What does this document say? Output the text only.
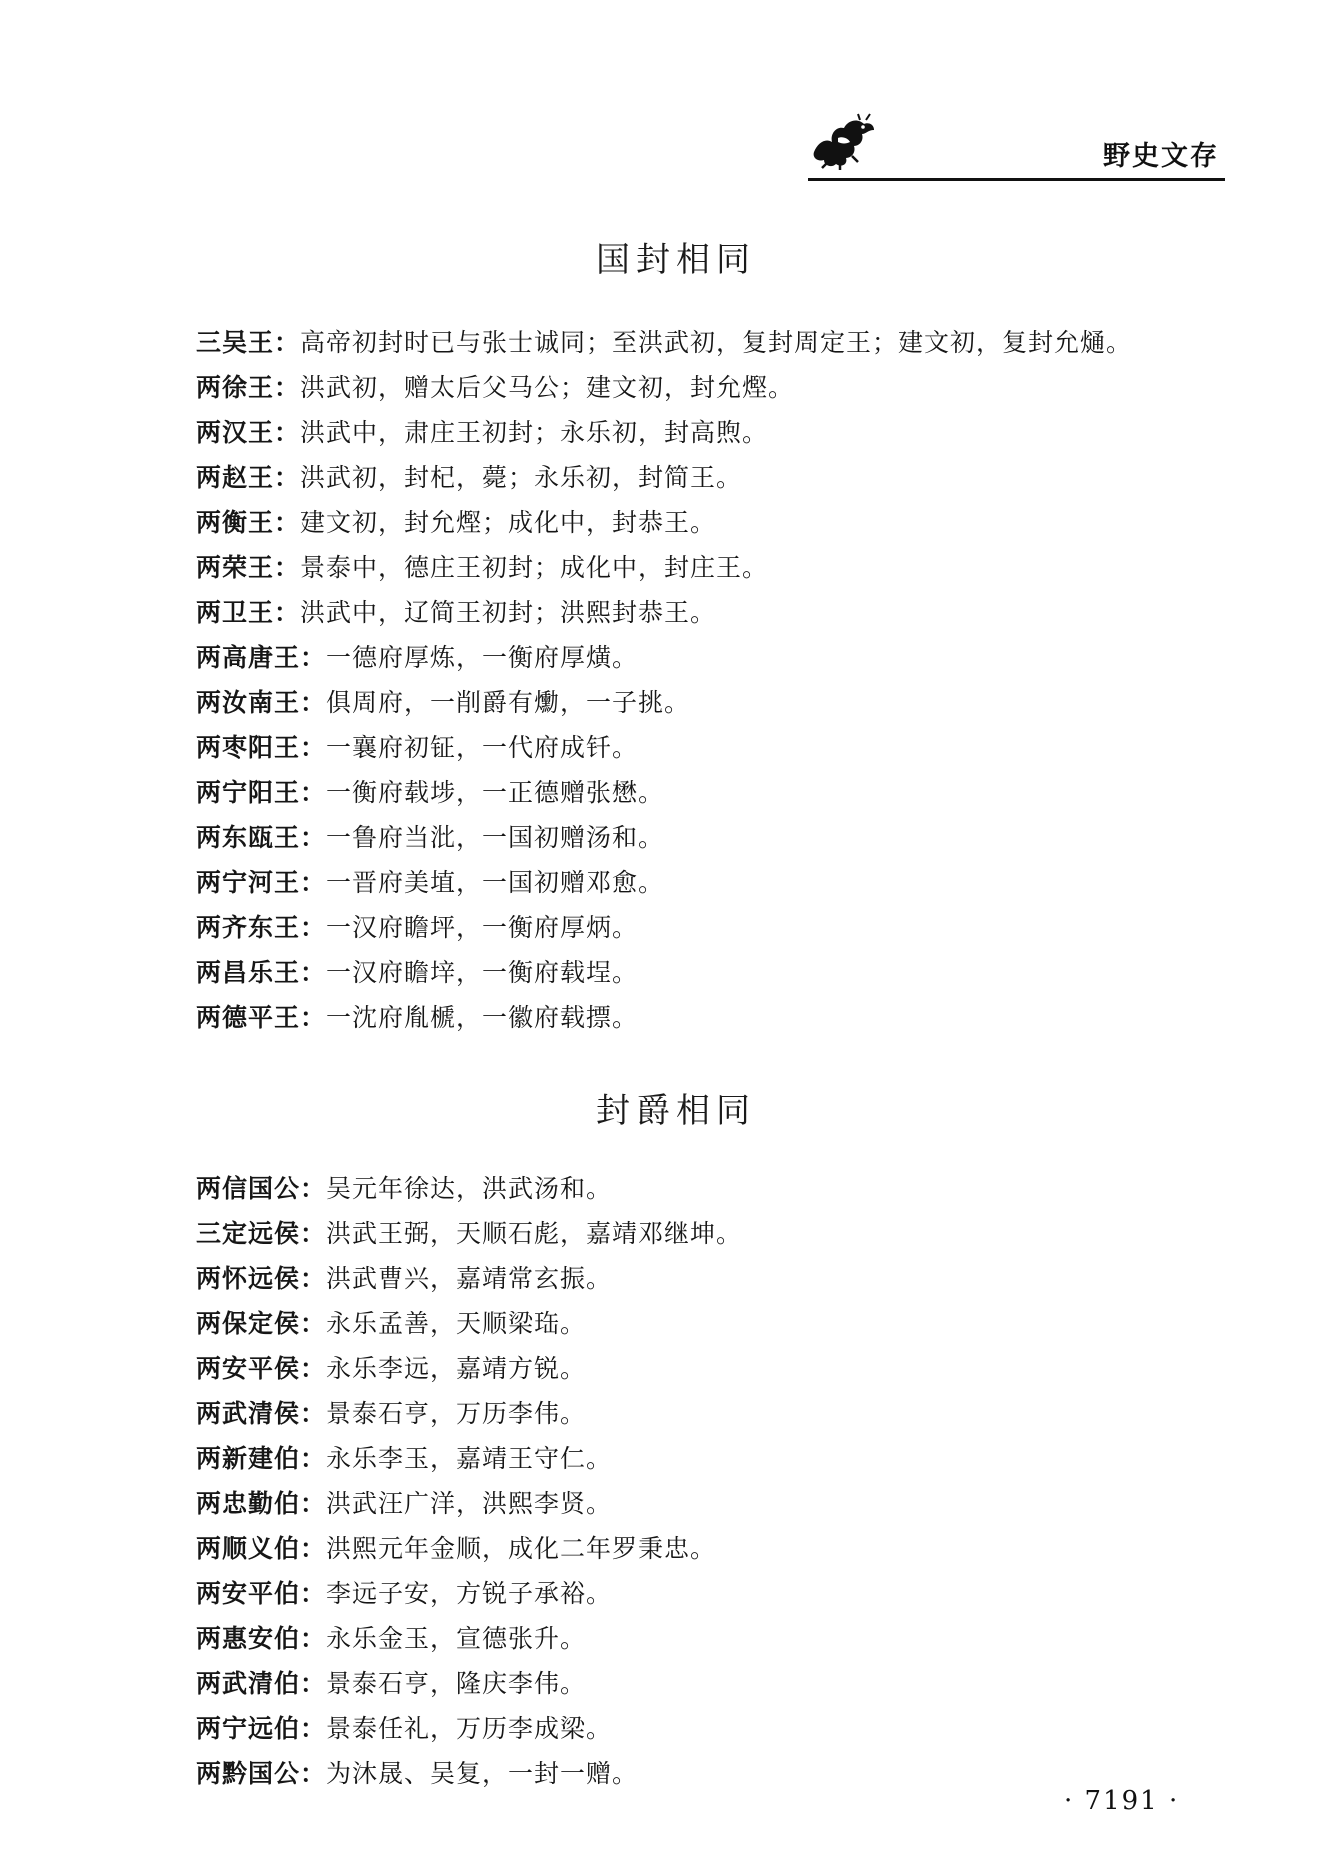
野史文存
国封相同
三吴王：高帝初封时已与张士诚同；至洪武初，复封周定王；建文初，复封允熥。
两徐王：洪武初，赠太后父马公；建文初，封允熞。
两汉王：洪武中，肃庄王初封；永乐初，封高煦。
两赵王：洪武初，封杞，薨；永乐初，封简王。
两衡王：建文初，封允熞；成化中，封恭王。
两荣王：景泰中，德庄王初封；成化中，封庄王。
两卫王：洪武中，辽简王初封；洪熙封恭王。
两高唐王：一德府厚炼，一衡府厚熿。
两汝南王：俱周府，一削爵有爋，一子挑。
两枣阳王：一襄府初钲，一代府成钎。
两宁阳王：一衡府载埗，一正德赠张懋。
两东瓯王：一鲁府当沘，一国初赠汤和。
两宁河王：一晋府美埴，一国初赠邓愈。
两齐东王：一汉府瞻坪，一衡府厚炳。
两昌乐王：一汉府瞻垶，一衡府载埕。
两德平王：一沈府胤榹，一徽府载摽。
封爵相同
两信国公：吴元年徐达，洪武汤和。
三定远侯：洪武王弼，天顺石彪，嘉靖邓继坤。
两怀远侯：洪武曹兴，嘉靖常玄振。
两保定侯：永乐孟善，天顺梁珤。
两安平侯：永乐李远，嘉靖方锐。
两武清侯：景泰石亨，万历李伟。
两新建伯：永乐李玉，嘉靖王守仁。
两忠勤伯：洪武汪广洋，洪熙李贤。
两顺义伯：洪熙元年金顺，成化二年罗秉忠。
两安平伯：李远子安，方锐子承裕。
两惠安伯：永乐金玉，宣德张升。
两武清伯：景泰石亨，隆庆李伟。
两宁远伯：景泰任礼，万历李成梁。
两黔国公：为沐晟、吴复，一封一赠。
· 7191 ·
